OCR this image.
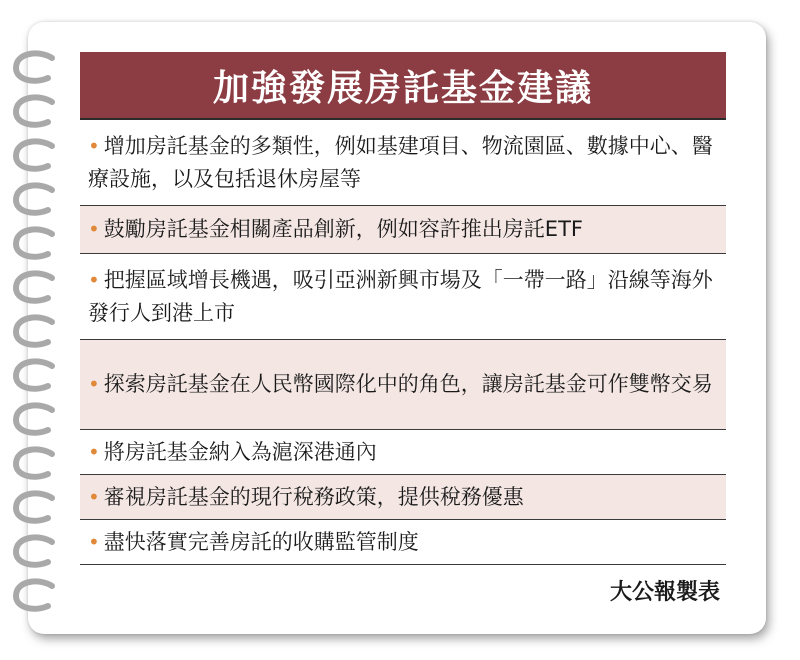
加強發展房託基金建議
• 增加房託基金的多類性，例如基建項目、物流園區、數據中心、醫療設施，以及包括退休房屋等
• 鼓勵房託基金相關產品創新，例如容許推出房託ETF
• 把握區域增長機遇，吸引亞洲新興市場及「一帶一路」沿線等海外發行人到港上市
• 探索房託基金在人民幣國際化中的角色，讓房託基金可作雙幣交易
• 將房託基金納入為滬深港通內
• 審視房託基金的現行稅務政策，提供稅務優惠
• 盡快落實完善房託的收購監管制度
大公報製表
